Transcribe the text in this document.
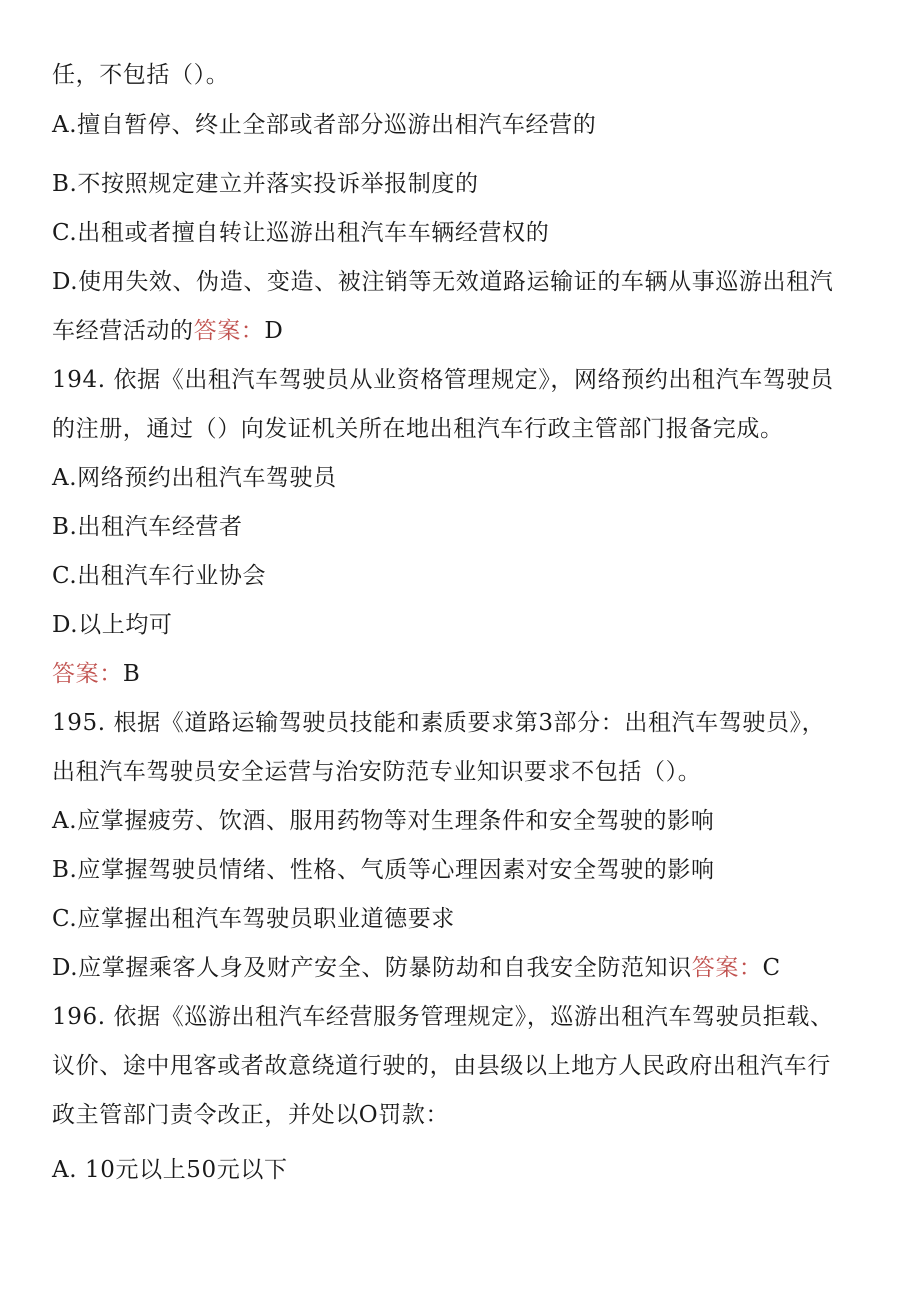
任，不包括（）。
A.擅自暂停、终止全部或者部分巡游出相汽车经营的
B.不按照规定建立并落实投诉举报制度的
C.出租或者擅自转让巡游出租汽车车辆经营权的
D.使用失效、伪造、变造、被注销等无效道路运输证的车辆从事巡游出租汽
车经营活动的答案：D
194. 依据《出租汽车驾驶员从业资格管理规定》，网络预约出租汽车驾驶员
的注册，通过（）向发证机关所在地出租汽车行政主管部门报备完成。
A.网络预约出租汽车驾驶员
B.出租汽车经营者
C.出租汽车行业协会
D.以上均可
答案：B
195. 根据《道路运输驾驶员技能和素质要求第3部分：出租汽车驾驶员》，
出租汽车驾驶员安全运营与治安防范专业知识要求不包括（）。
A.应掌握疲劳、饮酒、服用药物等对生理条件和安全驾驶的影响
B.应掌握驾驶员情绪、性格、气质等心理因素对安全驾驶的影响
C.应掌握出租汽车驾驶员职业道德要求
D.应掌握乘客人身及财产安全、防暴防劫和自我安全防范知识答案：C
196. 依据《巡游出租汽车经营服务管理规定》，巡游出租汽车驾驶员拒载、
议价、途中甩客或者故意绕道行驶的，由县级以上地方人民政府出租汽车行
政主管部门责令改正，并处以O罚款：
A. 10元以上50元以下
